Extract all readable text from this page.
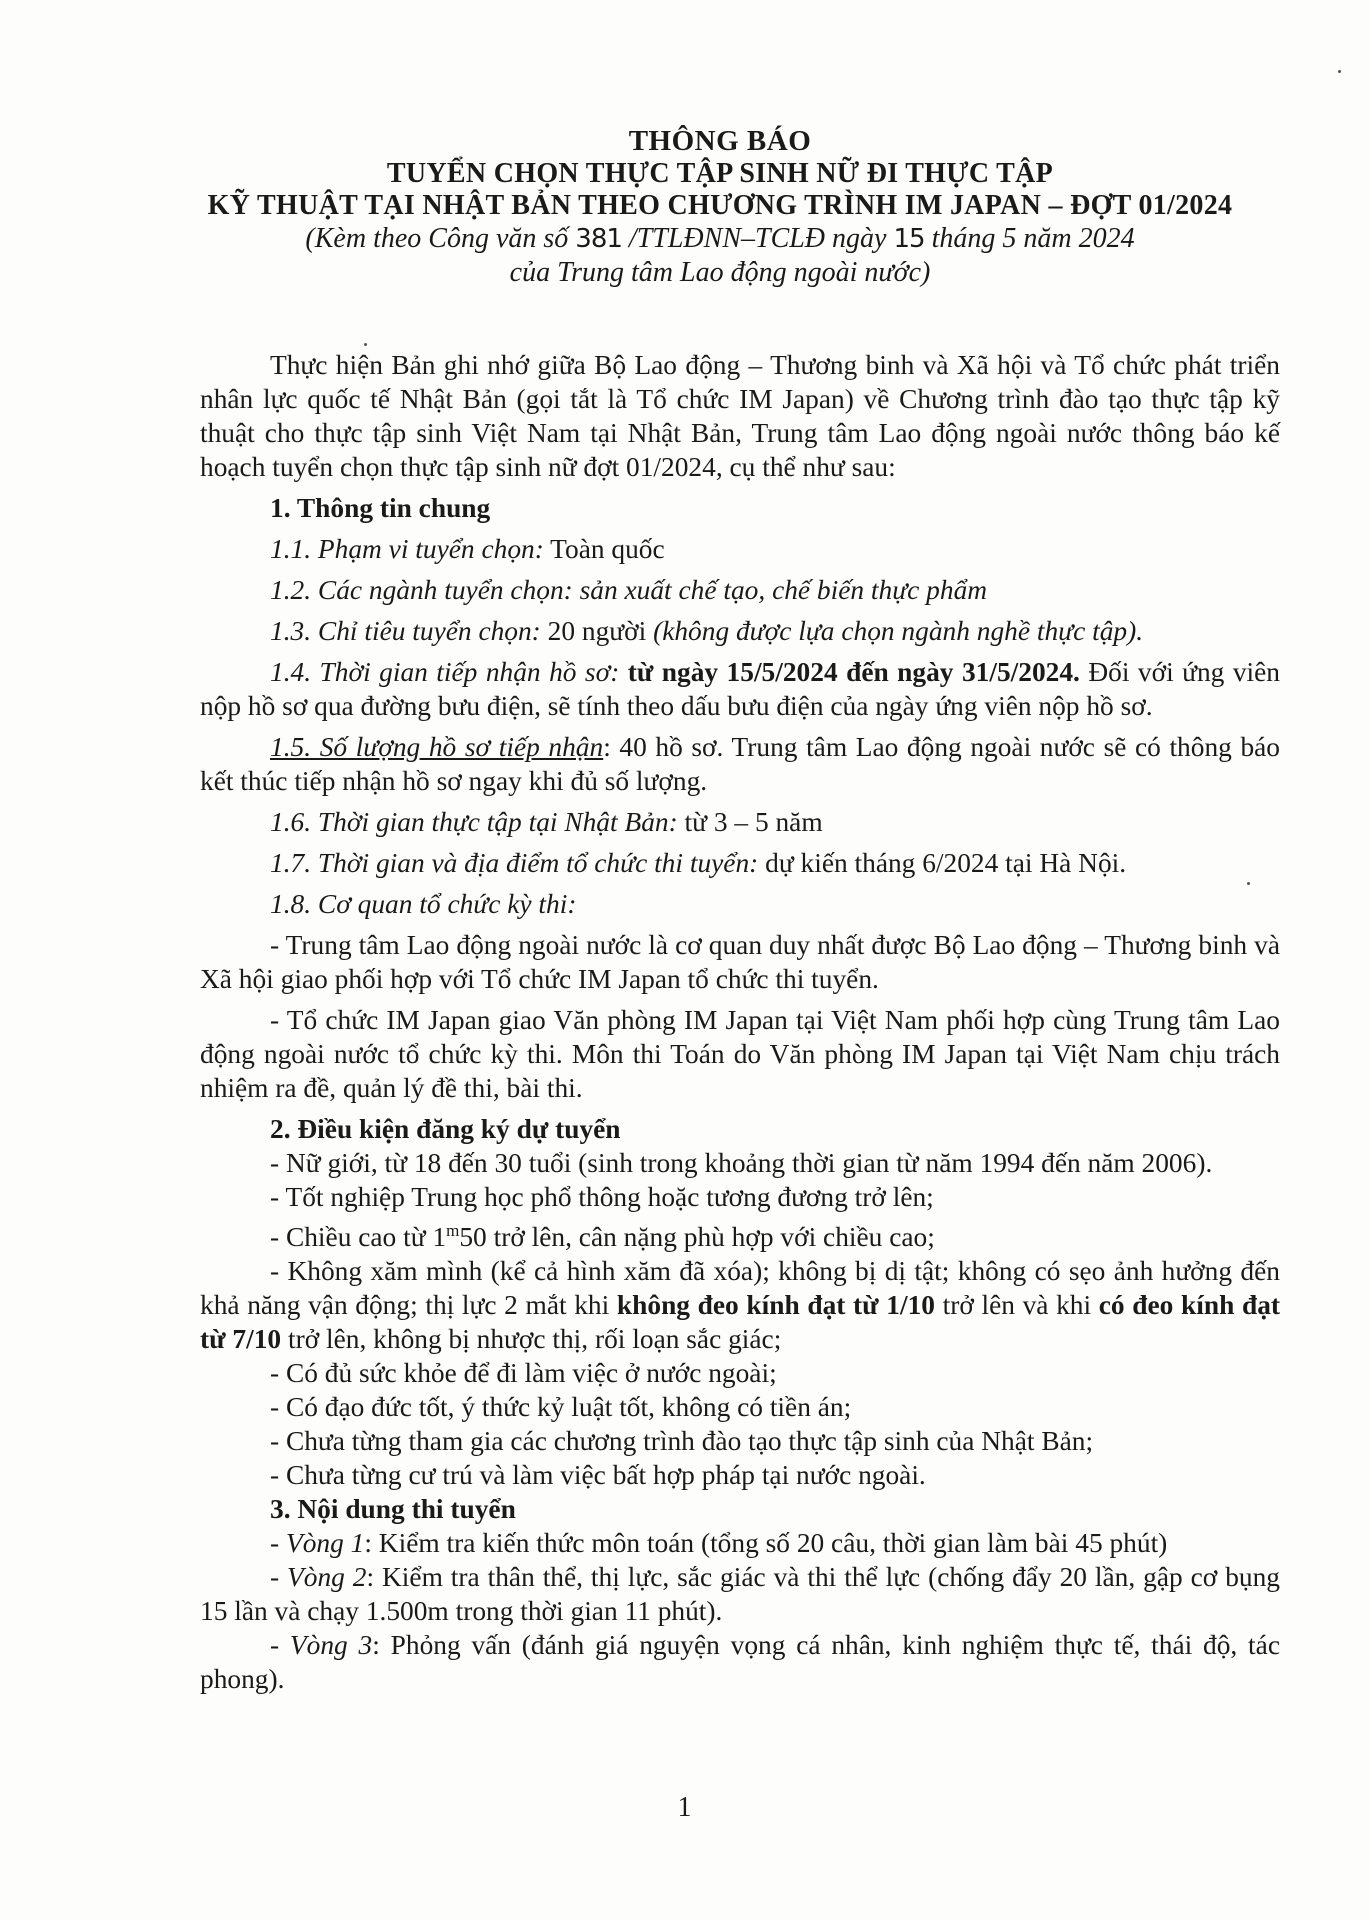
THÔNG BÁO
TUYỂN CHỌN THỰC TẬP SINH NỮ ĐI THỰC TẬP
KỸ THUẬT TẠI NHẬT BẢN THEO CHƯƠNG TRÌNH IM JAPAN – ĐỢT 01/2024
(Kèm theo Công văn số 381 /TTLĐNN–TCLĐ ngày 15 tháng 5 năm 2024
của Trung tâm Lao động ngoài nước)

Thực hiện Bản ghi nhớ giữa Bộ Lao động – Thương binh và Xã hội và Tổ chức phát triển nhân lực quốc tế Nhật Bản (gọi tắt là Tổ chức IM Japan) về Chương trình đào tạo thực tập kỹ thuật cho thực tập sinh Việt Nam tại Nhật Bản, Trung tâm Lao động ngoài nước thông báo kế hoạch tuyển chọn thực tập sinh nữ đợt 01/2024, cụ thể như sau:

1. Thông tin chung

1.1. Phạm vi tuyển chọn: Toàn quốc

1.2. Các ngành tuyển chọn: sản xuất chế tạo, chế biến thực phẩm

1.3. Chỉ tiêu tuyển chọn: 20 người (không được lựa chọn ngành nghề thực tập).

1.4. Thời gian tiếp nhận hồ sơ: từ ngày 15/5/2024 đến ngày 31/5/2024. Đối với ứng viên nộp hồ sơ qua đường bưu điện, sẽ tính theo dấu bưu điện của ngày ứng viên nộp hồ sơ.

1.5. Số lượng hồ sơ tiếp nhận: 40 hồ sơ. Trung tâm Lao động ngoài nước sẽ có thông báo kết thúc tiếp nhận hồ sơ ngay khi đủ số lượng.

1.6. Thời gian thực tập tại Nhật Bản: từ 3 – 5 năm

1.7. Thời gian và địa điểm tổ chức thi tuyển: dự kiến tháng 6/2024 tại Hà Nội.

1.8. Cơ quan tổ chức kỳ thi:

- Trung tâm Lao động ngoài nước là cơ quan duy nhất được Bộ Lao động – Thương binh và Xã hội giao phối hợp với Tổ chức IM Japan tổ chức thi tuyển.

- Tổ chức IM Japan giao Văn phòng IM Japan tại Việt Nam phối hợp cùng Trung tâm Lao động ngoài nước tổ chức kỳ thi. Môn thi Toán do Văn phòng IM Japan tại Việt Nam chịu trách nhiệm ra đề, quản lý đề thi, bài thi.

2. Điều kiện đăng ký dự tuyển

- Nữ giới, từ 18 đến 30 tuổi (sinh trong khoảng thời gian từ năm 1994 đến năm 2006).

- Tốt nghiệp Trung học phổ thông hoặc tương đương trở lên;

- Chiều cao từ 1$^m$50 trở lên, cân nặng phù hợp với chiều cao;

- Không xăm mình (kể cả hình xăm đã xóa); không bị dị tật; không có sẹo ảnh hưởng đến khả năng vận động; thị lực 2 mắt khi không đeo kính đạt từ 1/10 trở lên và khi có đeo kính đạt từ 7/10 trở lên, không bị nhược thị, rối loạn sắc giác;

- Có đủ sức khỏe để đi làm việc ở nước ngoài;

- Có đạo đức tốt, ý thức kỷ luật tốt, không có tiền án;

- Chưa từng tham gia các chương trình đào tạo thực tập sinh của Nhật Bản;

- Chưa từng cư trú và làm việc bất hợp pháp tại nước ngoài.

3. Nội dung thi tuyển

- Vòng 1: Kiểm tra kiến thức môn toán (tổng số 20 câu, thời gian làm bài 45 phút)

- Vòng 2: Kiểm tra thân thể, thị lực, sắc giác và thi thể lực (chống đẩy 20 lần, gập cơ bụng 15 lần và chạy 1.500m trong thời gian 11 phút).

- Vòng 3: Phỏng vấn (đánh giá nguyện vọng cá nhân, kinh nghiệm thực tế, thái độ, tác phong).

1
